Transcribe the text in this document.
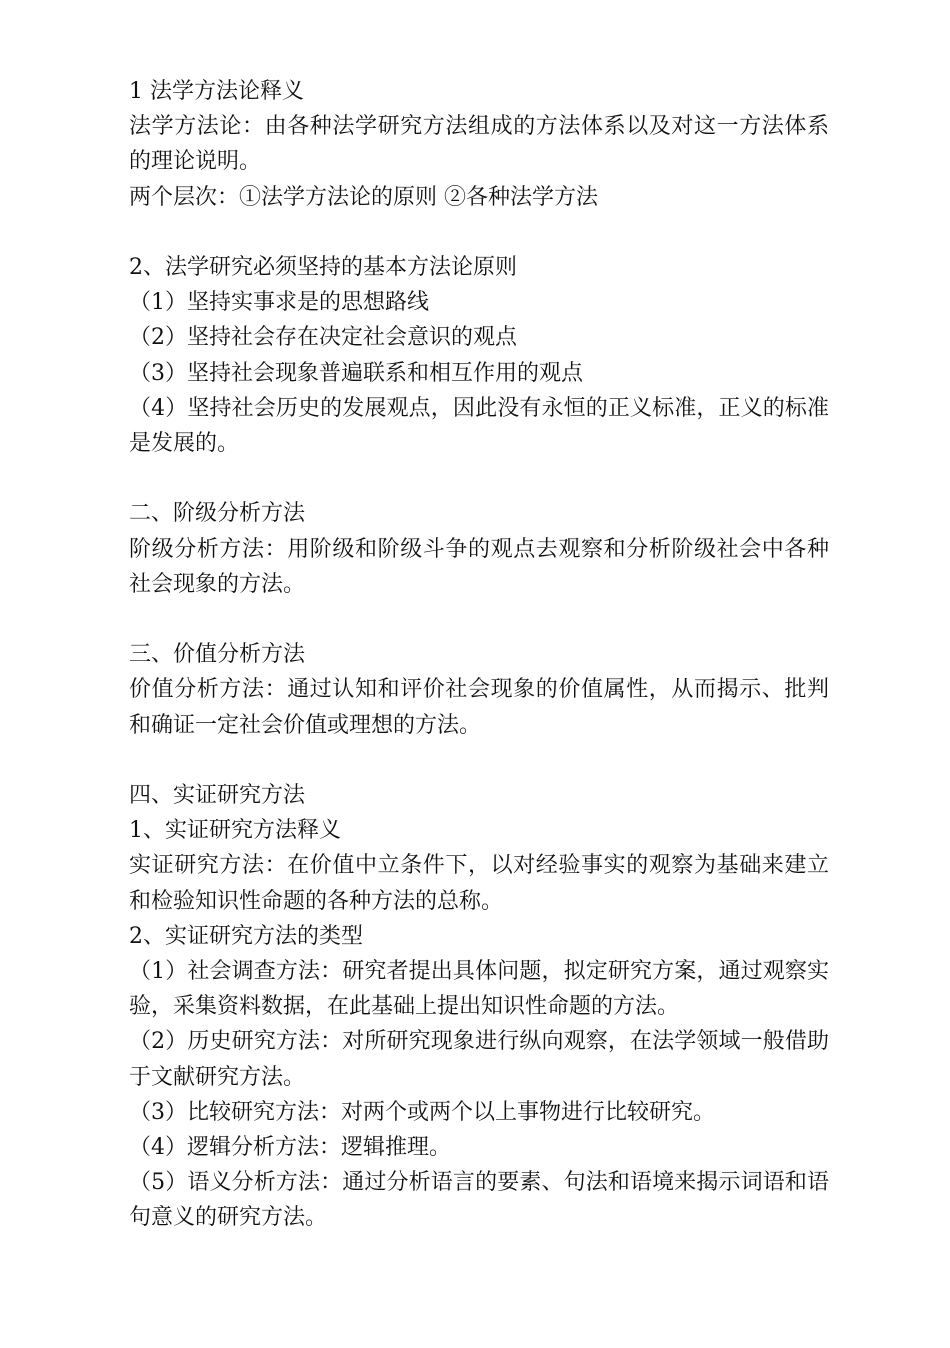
1 法学方法论释义

法学方法论：由各种法学研究方法组成的方法体系以及对这一方法体系的理论说明。

两个层次：①法学方法论的原则 ②各种法学方法

2、法学研究必须坚持的基本方法论原则

（1）坚持实事求是的思想路线

（2）坚持社会存在决定社会意识的观点

（3）坚持社会现象普遍联系和相互作用的观点

（4）坚持社会历史的发展观点，因此没有永恒的正义标准，正义的标准是发展的。

二、阶级分析方法

阶级分析方法：用阶级和阶级斗争的观点去观察和分析阶级社会中各种社会现象的方法。

三、价值分析方法

价值分析方法：通过认知和评价社会现象的价值属性，从而揭示、批判和确证一定社会价值或理想的方法。

四、实证研究方法

1、实证研究方法释义

实证研究方法：在价值中立条件下，以对经验事实的观察为基础来建立和检验知识性命题的各种方法的总称。

2、实证研究方法的类型

（1）社会调查方法：研究者提出具体问题，拟定研究方案，通过观察实验，采集资料数据，在此基础上提出知识性命题的方法。

（2）历史研究方法：对所研究现象进行纵向观察，在法学领域一般借助于文献研究方法。

（3）比较研究方法：对两个或两个以上事物进行比较研究。

（4）逻辑分析方法：逻辑推理。

（5）语义分析方法：通过分析语言的要素、句法和语境来揭示词语和语句意义的研究方法。
